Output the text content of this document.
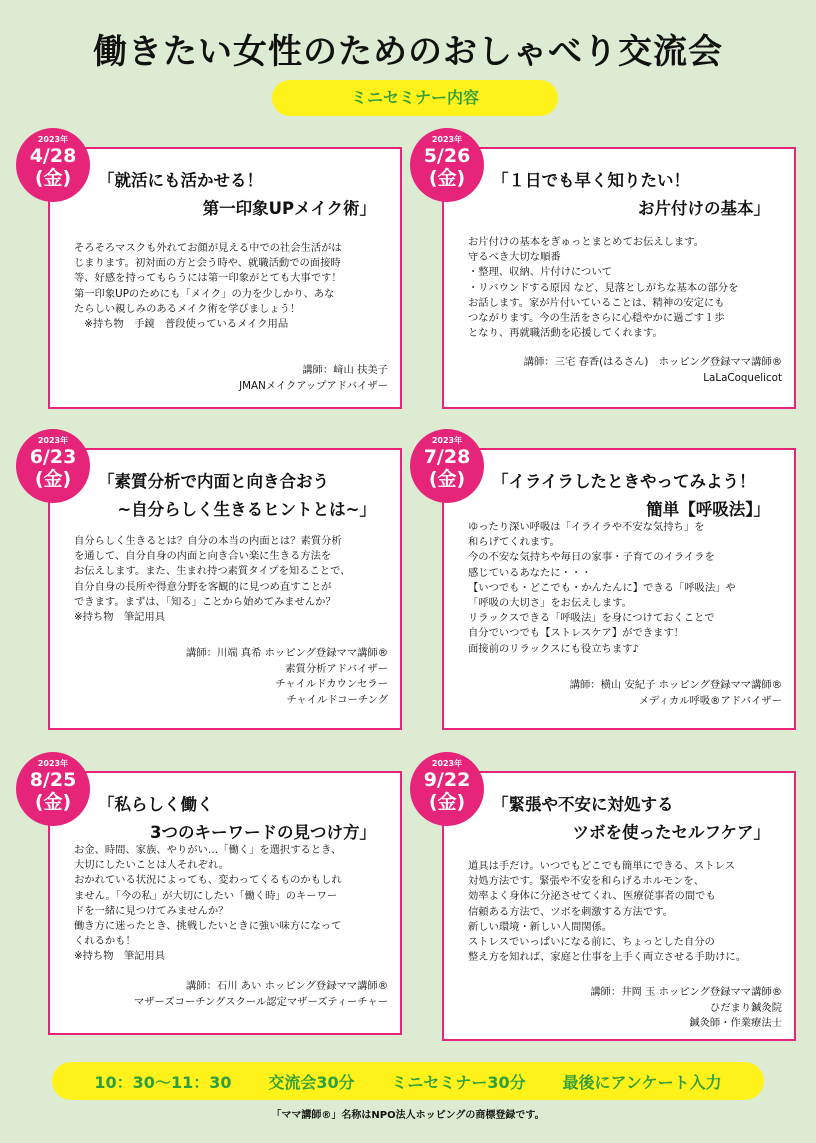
働きたい女性のためのおしゃべり交流会
ミニセミナー内容
「就活にも活かせる！
第一印象UPメイク術」
そろそろマスクも外れてお顔が見える中での社会生活がは
じまります。初対面の方と会う時や、就職活動での面接時
等、好感を持ってもらうには第一印象がとても大事です！
第一印象UPのためにも「メイク」の力を少しかり、あな
たらしい親しみのあるメイク術を学びましょう！
　※持ち物　手鏡　普段使っているメイク用品
講師：﨑山 扶美子
JMANメイクアップアドバイザー
2023年
4/28
(金)	「１日でも早く知りたい！
お片付けの基本」
お片付けの基本をぎゅっとまとめてお伝えします。
守るべき大切な順番
・整理、収納、片付けについて
・リバウンドする原因 など、見落としがちな基本の部分を
お話します。家が片付いていることは、精神の安定にも
つながります。今の生活をさらに心穏やかに過ごす１歩
となり、再就職活動を応援してくれます。
講師：三宅 春香(はるさん)　ホッピング登録ママ講師®
LaLaCoquelicot
2023年
5/26
(金)
「素質分析で内面と向き合おう
~自分らしく生きるヒントとは~」
自分らしく生きるとは？自分の本当の内面とは？素質分析
を通して、自分自身の内面と向き合い楽に生きる方法を
お伝えします。また、生まれ持つ素質タイプを知ることで、
自分自身の長所や得意分野を客観的に見つめ直すことが
できます。まずは、「知る」ことから始めてみませんか？
※持ち物　筆記用具
講師：川端 真希 ホッピング登録ママ講師®
素質分析アドバイザー
チャイルドカウンセラー
チャイルドコーチング
2023年
6/23
(金)	「イライラしたときやってみよう！
簡単【呼吸法】」
ゆったり深い呼吸は「イライラや不安な気持ち」を
和らげてくれます。
今の不安な気持ちや毎日の家事・子育てのイライラを
感じているあなたに・・・
【いつでも・どこでも・かんたんに】できる「呼吸法」や
「呼吸の大切さ」をお伝えします。
リラックスできる「呼吸法」を身につけておくことで
自分でいつでも【ストレスケア】ができます！
面接前のリラックスにも役立ちます♪
講師：横山 安紀子 ホッピング登録ママ講師®
メディカル呼吸®アドバイザー
2023年
7/28
(金)
「私らしく働く
3つのキーワードの見つけ方」
お金、時間、家族、やりがい…「働く」を選択するとき、
大切にしたいことは人それぞれ。
おかれている状況によっても、変わってくるものかもしれ
ません。「今の私」が大切にしたい「働く時」のキーワー
ドを一緒に見つけてみませんか？
働き方に迷ったとき、挑戦したいときに強い味方になって
くれるかも！
※持ち物　筆記用具
講師：石川 あい ホッピング登録ママ講師®
マザーズコーチングスクール認定マザーズティーチャー
2023年
8/25
(金)	「緊張や不安に対処する
ツボを使ったセルフケア」
道具は手だけ。いつでもどこでも簡単にできる、ストレス
対処方法です。緊張や不安を和らげるホルモンを、
効率よく身体に分泌させてくれ、医療従事者の間でも
信頼ある方法で、ツボを刺激する方法です。
新しい環境・新しい人間関係。
ストレスでいっぱいになる前に、ちょっとした自分の
整え方を知れば、家庭と仕事を上手く両立させる手助けに。
講師：井岡 玉 ホッピング登録ママ講師®
ひだまり鍼灸院
鍼灸師・作業療法士
2023年
9/22
(金)
10：30〜11：30 交流会30分 ミニセミナー30分 最後にアンケート入力
「ママ講師®」名称はNPO法人ホッピングの商標登録です。
